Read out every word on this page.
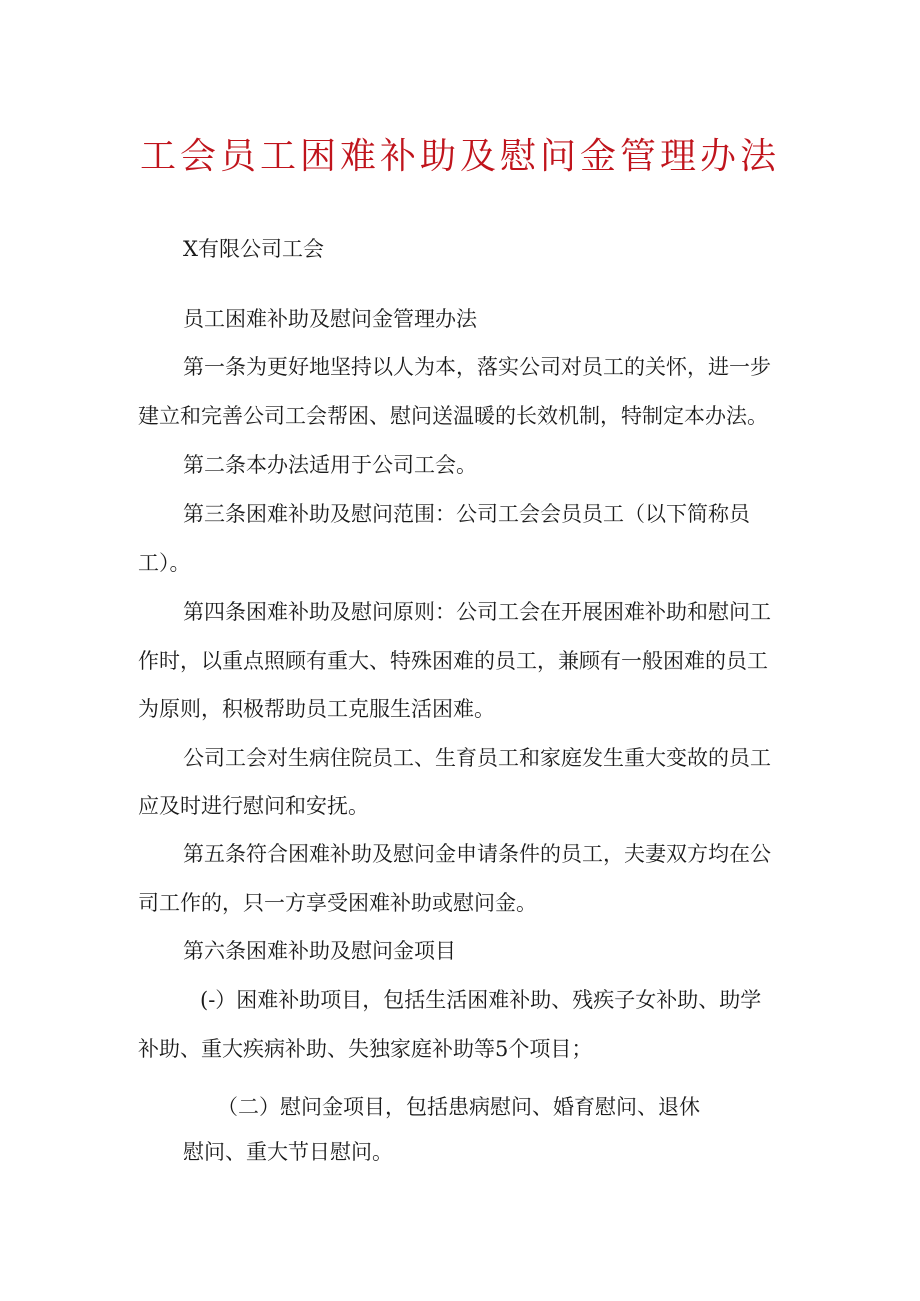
工会员工困难补助及慰问金管理办法
X有限公司工会
员工困难补助及慰问金管理办法
第一条为更好地坚持以人为本，落实公司对员工的关怀，进一步
建立和完善公司工会帮困、慰问送温暖的长效机制，特制定本办法。
第二条本办法适用于公司工会。
第三条困难补助及慰问范围：公司工会会员员工（以下简称员
工）。
第四条困难补助及慰问原则：公司工会在开展困难补助和慰问工
作时，以重点照顾有重大、特殊困难的员工，兼顾有一般困难的员工
为原则，积极帮助员工克服生活困难。
公司工会对生病住院员工、生育员工和家庭发生重大变故的员工
应及时进行慰问和安抚。
第五条符合困难补助及慰问金申请条件的员工，夫妻双方均在公
司工作的，只一方享受困难补助或慰问金。
第六条困难补助及慰问金项目
(-）困难补助项目，包括生活困难补助、残疾子女补助、助学
补助、重大疾病补助、失独家庭补助等5个项目；
（二）慰问金项目，包括患病慰问、婚育慰问、退休
慰问、重大节日慰问。
